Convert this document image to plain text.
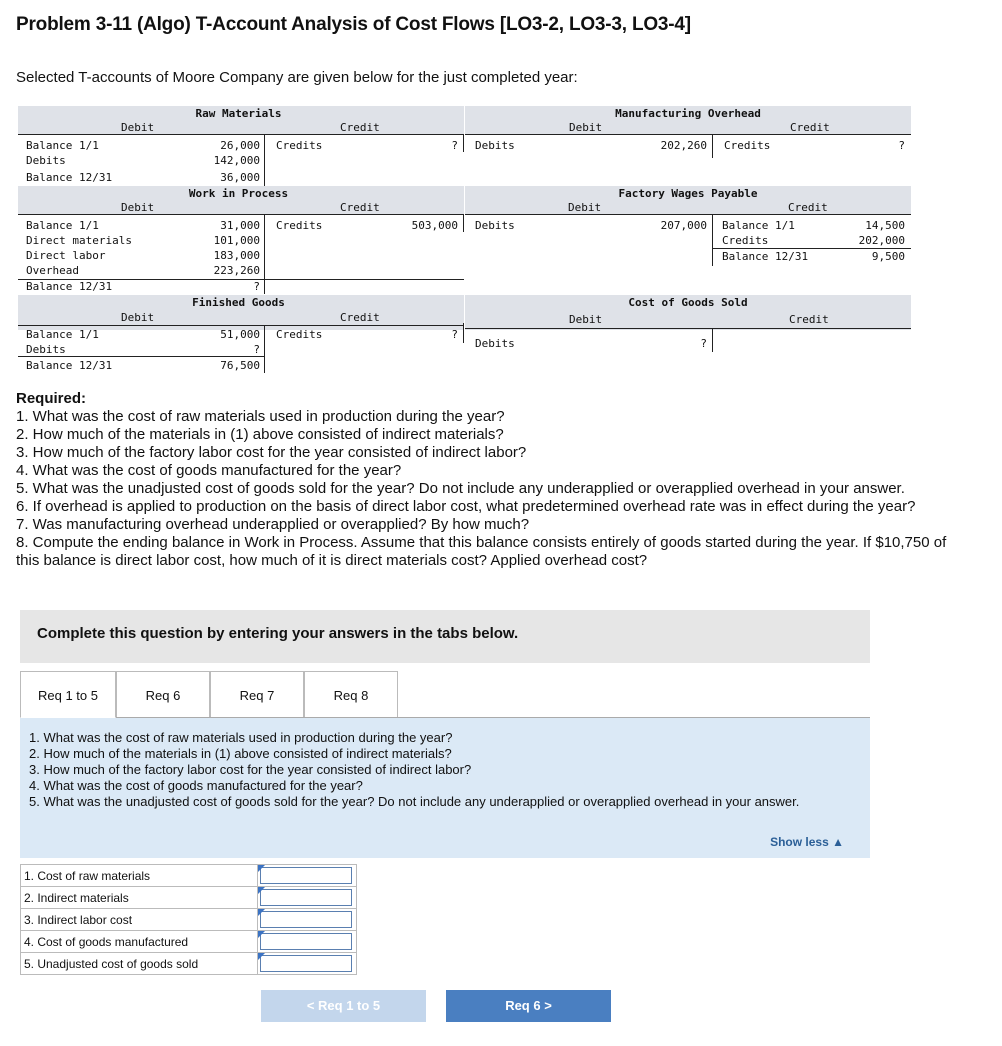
Problem 3-11 (Algo) T-Account Analysis of Cost Flows [LO3-2, LO3-3, LO3-4]
Selected T-accounts of Moore Company are given below for the just completed year:
Raw Materials
Debit	Credit
Balance 1/1	26,000
Debits	142,000
Balance 12/31	36,000
Credits	?
Manufacturing Overhead
Debit	Credit
Debits	202,260 Credits	?
Work in Process
Debit	Credit
Balance 1/1	31,000
Direct materials	101,000
Direct labor	183,000
Overhead	223,260
Balance 12/31	?
Credits	503,000
Factory Wages Payable
Debit	Credit
Debits	207,000 Balance 1/1	14,500
Credits	202,000
Balance 12/31	9,500
Finished Goods
Debit	Credit
Balance 1/1	51,000
Debits	?
Balance 12/31	76,500
Credits	?
Cost of Goods Sold
Debit	Credit
Debits	?
Required:
1. What was the cost of raw materials used in production during the year?
2. How much of the materials in (1) above consisted of indirect materials?
3. How much of the factory labor cost for the year consisted of indirect labor?
4. What was the cost of goods manufactured for the year?
5. What was the unadjusted cost of goods sold for the year? Do not include any underapplied or overapplied overhead in your answer.
6. If overhead is applied to production on the basis of direct labor cost, what predetermined overhead rate was in effect during the year?
7. Was manufacturing overhead underapplied or overapplied? By how much?
8. Compute the ending balance in Work in Process. Assume that this balance consists entirely of goods started during the year. If $10,750 of this balance is direct labor cost, how much of it is direct materials cost? Applied overhead cost?
Complete this question by entering your answers in the tabs below.
Req 1 to 5	Req 6	Req 7	Req 8
1. What was the cost of raw materials used in production during the year?
2. How much of the materials in (1) above consisted of indirect materials?
3. How much of the factory labor cost for the year consisted of indirect labor?
4. What was the cost of goods manufactured for the year?
5. What was the unadjusted cost of goods sold for the year? Do not include any underapplied or overapplied overhead in your answer.
Show less ▲
1. Cost of raw materials	

2. Indirect materials	

3. Indirect labor cost	

4. Cost of goods manufactured	

5. Unadjusted cost of goods sold	
< Req 1 to 5	Req 6 >
